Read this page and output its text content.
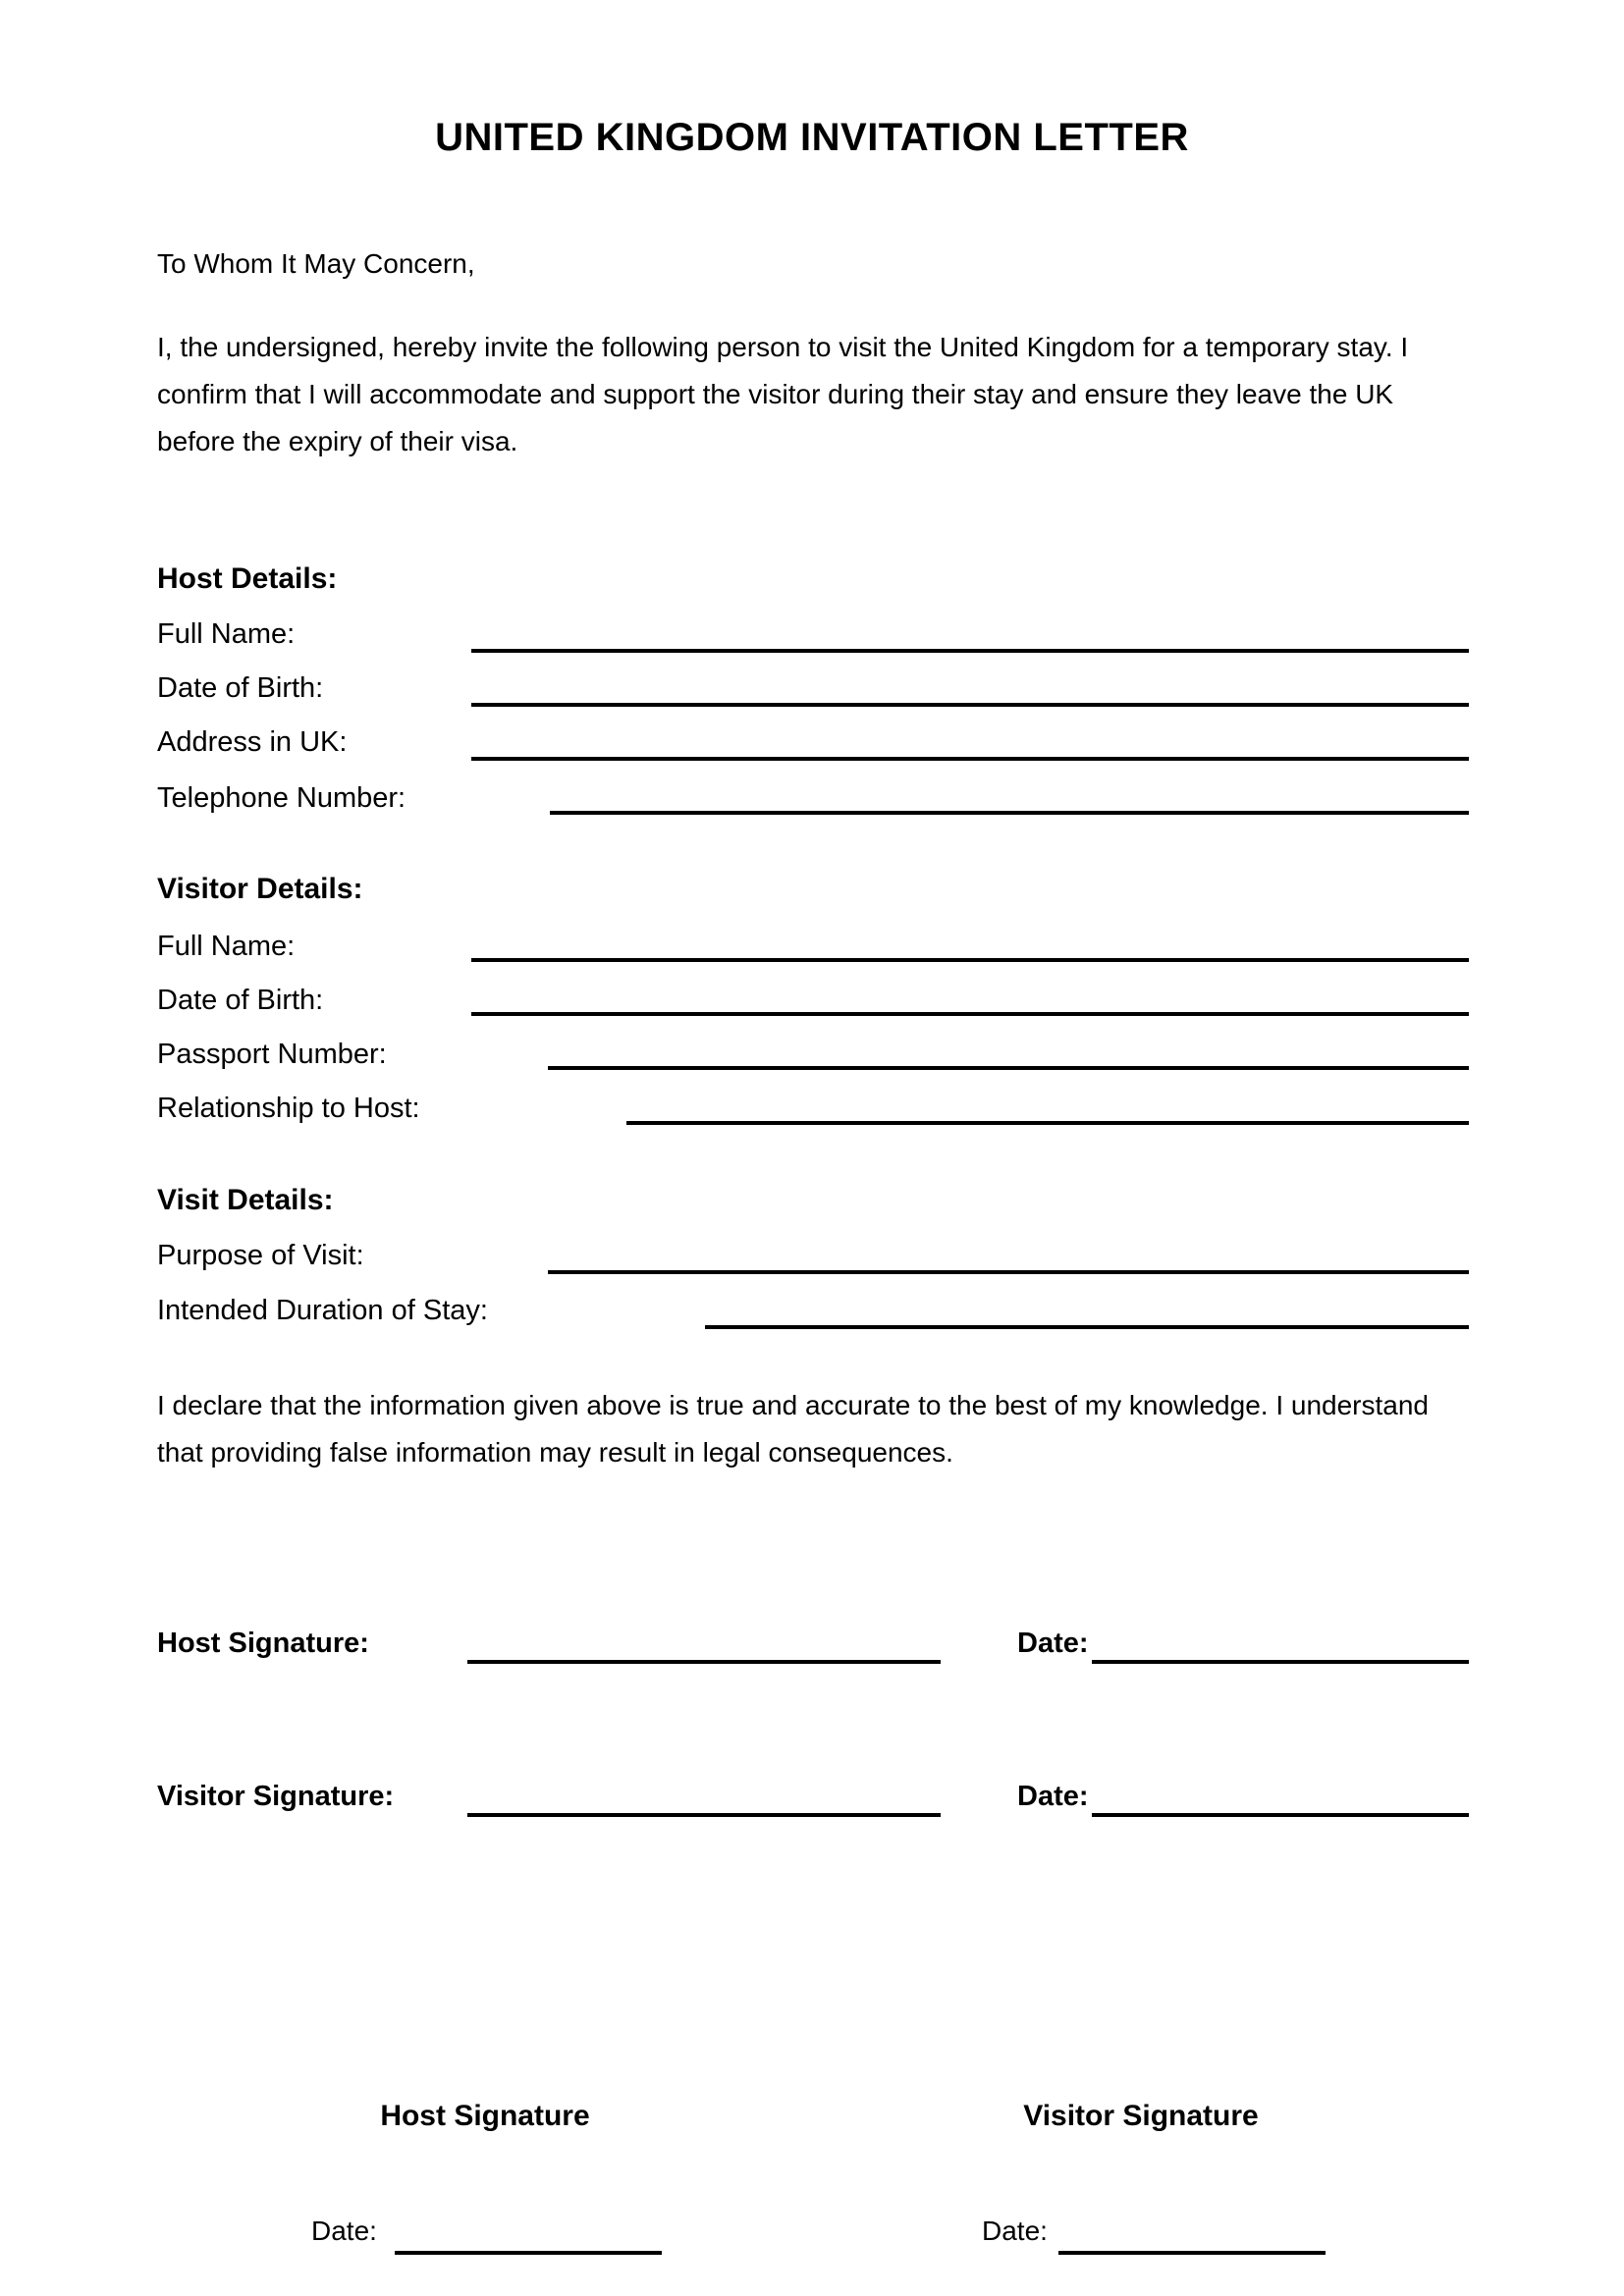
UNITED KINGDOM INVITATION LETTER
To Whom It May Concern,
I, the undersigned, hereby invite the following person to visit the United Kingdom for a temporary stay. I confirm that I will accommodate and support the visitor during their stay and ensure they leave the UK before the expiry of their visa.
Host Details:
Full Name:
Date of Birth:
Address in UK:
Telephone Number:
Visitor Details:
Full Name:
Date of Birth:
Passport Number:
Relationship to Host:
Visit Details:
Purpose of Visit:
Intended Duration of Stay:
I declare that the information given above is true and accurate to the best of my knowledge. I understand that providing false information may result in legal consequences.
Host Signature:	Date:
Visitor Signature:	Date:
Host Signature	Visitor Signature
Date:	Date:
